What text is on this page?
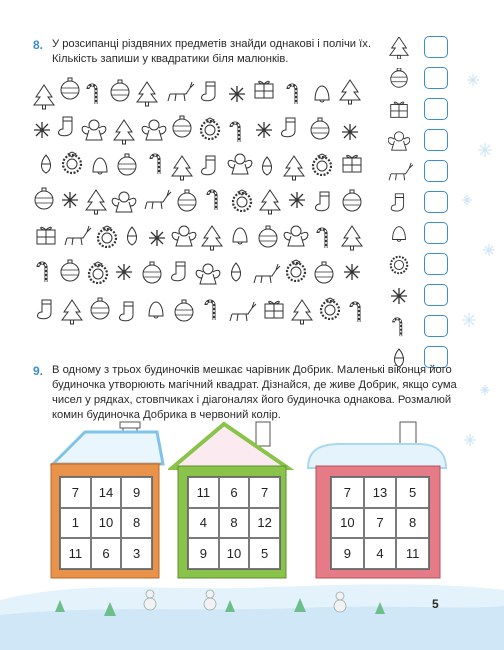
8. У розсипанці різдвяних предметів знайди однакові і полічи їх.
Кількість запиши у квадратики біля малюнків.
9. В одному з трьох будиночків мешкає чарівник Добрик. Маленькі віконця його
будиночка утворюють магічний квадрат. Дізнайся, де живе Добрик, якщо сума
чисел у рядках, стовпчиках і діагоналях його будиночка однакова. Розмалюй
комин будиночка Добрика в червоний колір.
7	14	9
1	10	8
11	6	3
11	6	7
4	8	12
9	10	5
7	13	5
10	7	8
9	4	11
5
